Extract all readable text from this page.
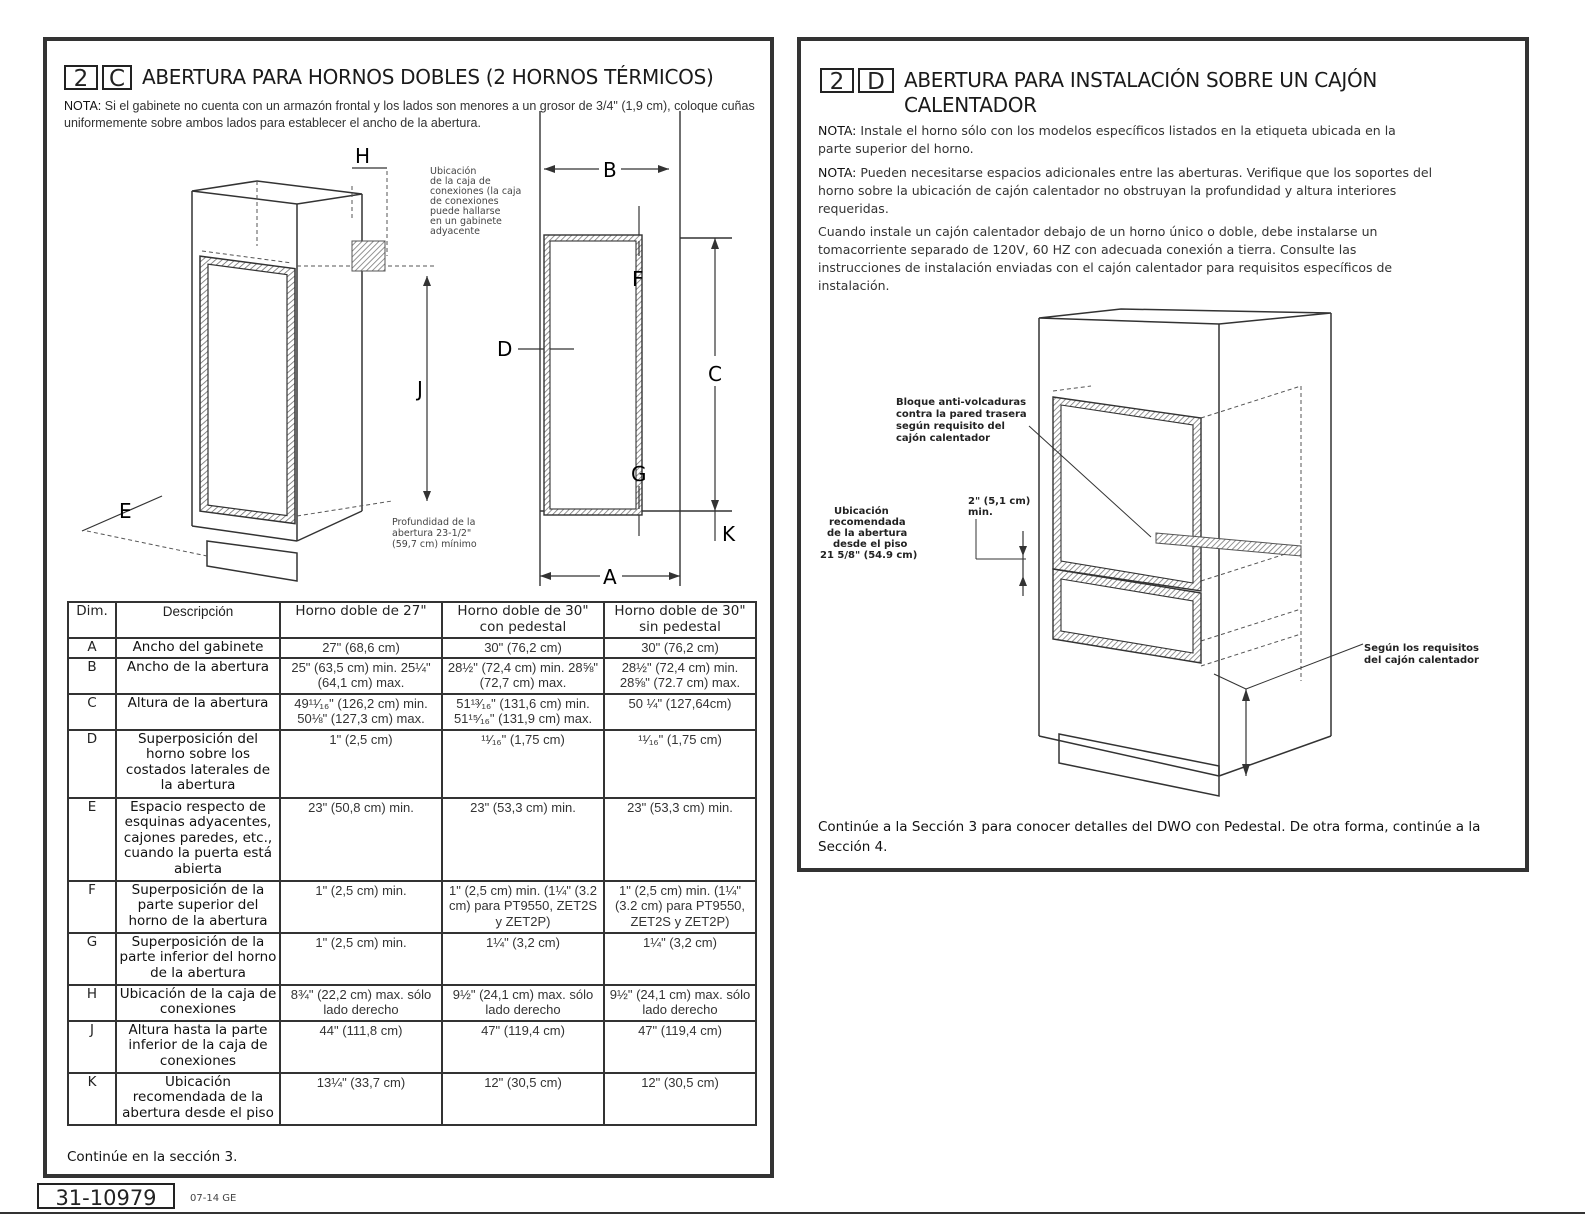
2 C ABERTURA PARA HORNOS DOBLES (2 HORNOS TÉRMICOS)
NOTA: Si el gabinete no cuenta con un armazón frontal y los lados son menores a un grosor de 3/4" (1,9 cm), coloque cuñas uniformemente sobre ambos lados para establecer el ancho de la abertura.
H
J
E
Ubicación
de la caja de
conexiones (la caja
de conexiones
puede hallarse
en un gabinete
adyacente
Profundidad de la
abertura 23-1/2"
(59,7 cm) mínimo
B
F
D
C
G
K
A
Dim.	Descripción	Horno doble de 27"	Horno doble de 30" con pedestal	Horno doble de 30" sin pedestal
A	Ancho del gabinete	27" (68,6 cm)	30" (76,2 cm)	30" (76,2 cm)
B	Ancho de la abertura	25" (63,5 cm) min. 25¼" (64,1 cm) max.	28½" (72,4 cm) min. 28⅝" (72,7 cm) max.	28½" (72,4 cm) min. 28⅝" (72.7 cm) max.
C	Altura de la abertura	49¹¹⁄₁₆" (126,2 cm) min. 50⅛" (127,3 cm) max.	51¹³⁄₁₆" (131,6 cm) min. 51¹⁵⁄₁₆" (131,9 cm) max.	50 ¼" (127,64cm)
D	Superposición del horno sobre los costados laterales de la abertura	1" (2,5 cm)	¹¹⁄₁₆" (1,75 cm)	¹¹⁄₁₆" (1,75 cm)
E	Espacio respecto de esquinas adyacentes, cajones paredes, etc., cuando la puerta está abierta	23" (50,8 cm) min.	23" (53,3 cm) min.	23" (53,3 cm) min.
F	Superposición de la parte superior del horno de la abertura	1" (2,5 cm) min.	1" (2,5 cm) min. (1¼" (3.2 cm) para PT9550, ZET2S y ZET2P)	1" (2,5 cm) min. (1¼" (3.2 cm) para PT9550, ZET2S y ZET2P)
G	Superposición de la parte inferior del horno de la abertura	1" (2,5 cm) min.	1¼" (3,2 cm)	1¼" (3,2 cm)
H	Ubicación de la caja de conexiones	8¾" (22,2 cm) max. sólo lado derecho	9½" (24,1 cm) max. sólo lado derecho	9½" (24,1 cm) max. sólo lado derecho
J	Altura hasta la parte inferior de la caja de conexiones	44" (111,8 cm)	47" (119,4 cm)	47" (119,4 cm)
K	Ubicación recomendada de la abertura desde el piso	13¼" (33,7 cm)	12" (30,5 cm)	12" (30,5 cm)
Continúe en la sección 3.
2 D ABERTURA PARA INSTALACIÓN SOBRE UN CAJÓN
CALENTADOR
NOTA: Instale el horno sólo con los modelos específicos listados en la etiqueta ubicada en la parte superior del horno.
NOTA: Pueden necesitarse espacios adicionales entre las aberturas. Verifique que los soportes del horno sobre la ubicación de cajón calentador no obstruyan la profundidad y altura interiores requeridas.
Cuando instale un cajón calentador debajo de un horno único o doble, debe instalarse un tomacorriente separado de 120V, 60 HZ con adecuada conexión a tierra. Consulte las instrucciones de instalación enviadas con el cajón calentador para requisitos específicos de instalación.
Bloque anti-volcaduras
contra la pared trasera
según requisito del
cajón calentador
2" (5,1 cm)
min.
Ubicación
recomendada
de la abertura
desde el piso
21 5/8" (54.9 cm)
Según los requisitos
del cajón calentador
Continúe a la Sección 3 para conocer detalles del DWO con Pedestal. De otra forma, continúe a la Sección 4.
31-10979	07-14 GE
